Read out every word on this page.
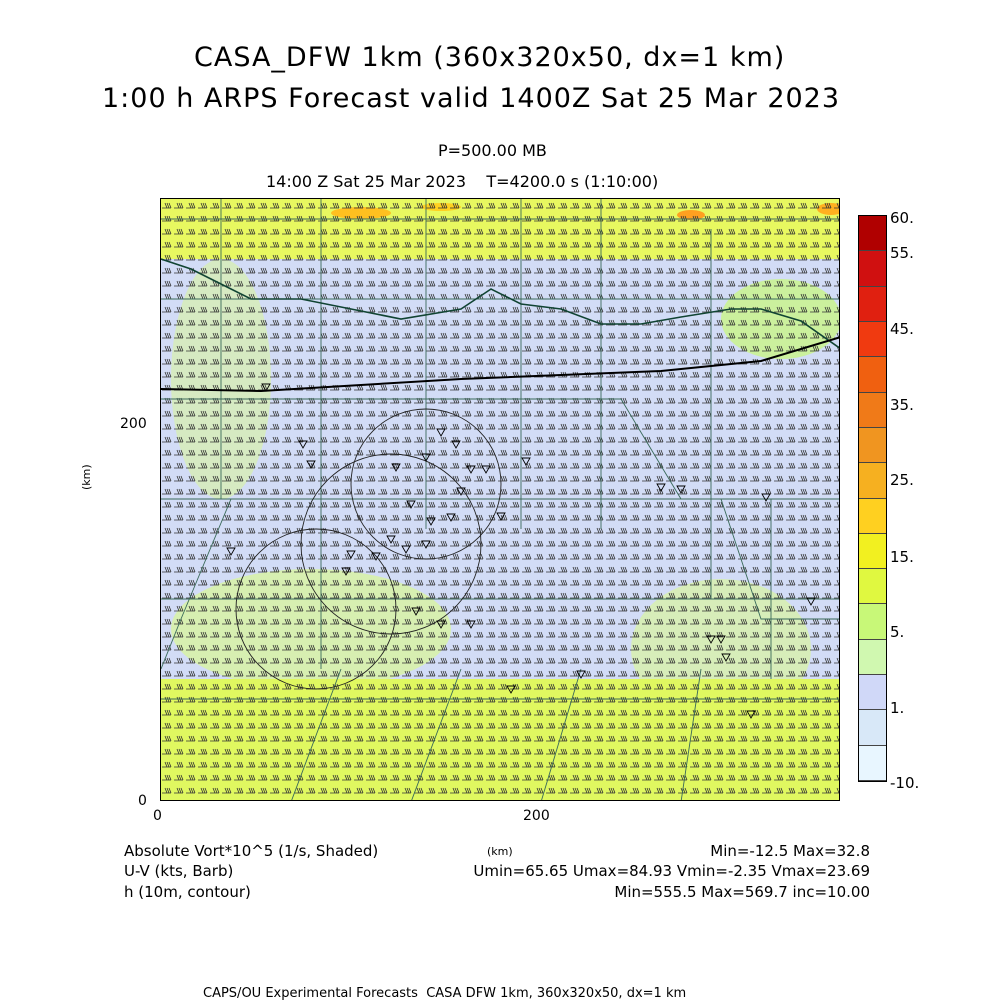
CASA_DFW 1km (360x320x50, dx=1 km)
1:00 h ARPS Forecast valid 1400Z Sat 25 Mar 2023
P=500.00 MB
14:00 Z Sat 25 Mar 2023    T=4200.0 s (1:10:00)
(km)
200
0
0	200
(km)
60.
55.
45.
35.
25.
15.
5.
1.
-10.
Absolute Vort*10^5 (1/s, Shaded)
U-V (kts, Barb)
h (10m, contour)
Min=-12.5 Max=32.8
Umin=65.65 Umax=84.93 Vmin=-2.35 Vmax=23.69
Min=555.5 Max=569.7 inc=10.00
CAPS/OU Experimental Forecasts  CASA DFW 1km, 360x320x50, dx=1 km
